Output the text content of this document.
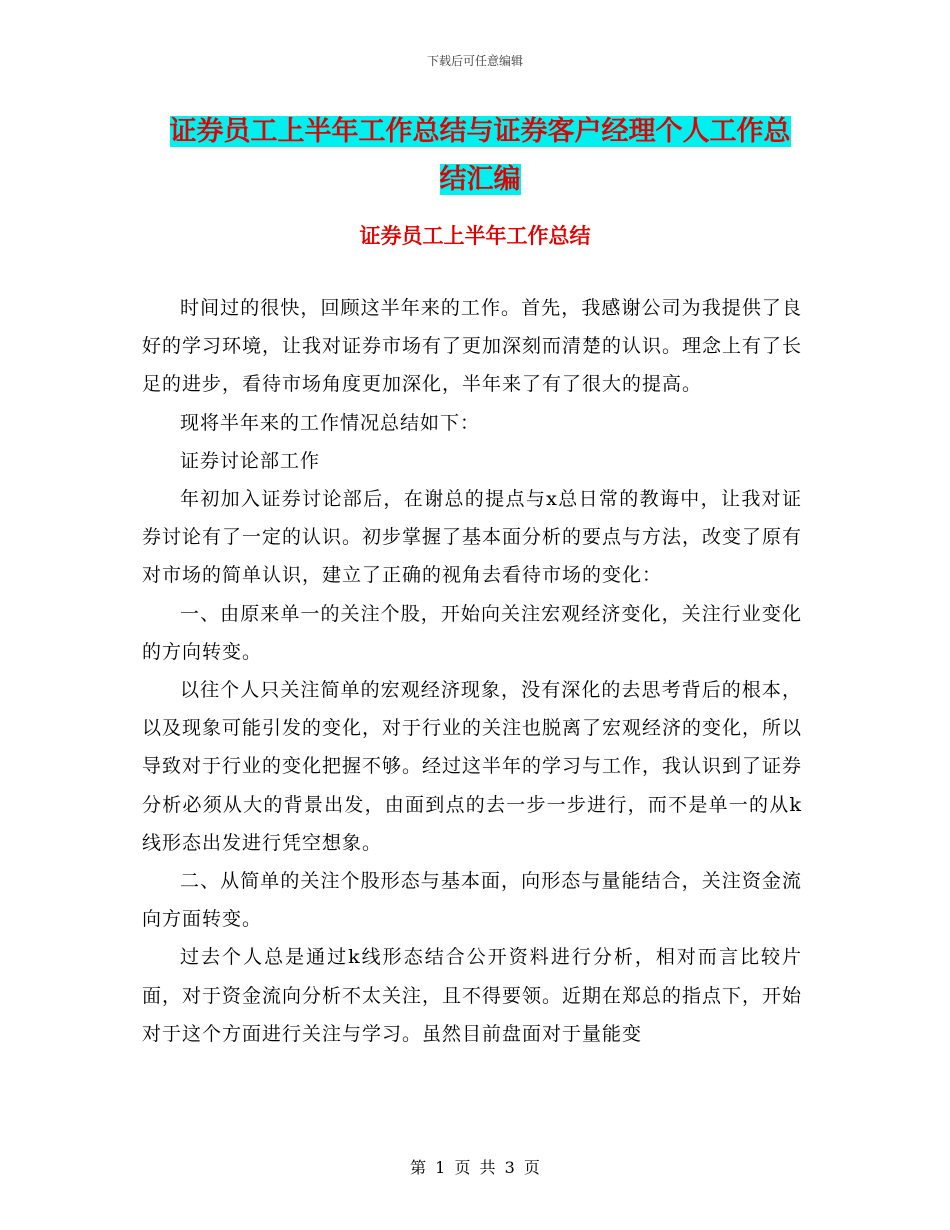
下载后可任意编辑
证券员工上半年工作总结与证券客户经理个人工作总
结汇编
证券员工上半年工作总结

时间过的很快，回顾这半年来的工作。首先，我感谢公司为我提供了良好的学习环境，让我对证券市场有了更加深刻而清楚的认识。理念上有了长足的进步，看待市场角度更加深化，半年来了有了很大的提高。

现将半年来的工作情况总结如下：

证券讨论部工作

年初加入证券讨论部后，在谢总的提点与x总日常的教诲中，让我对证券讨论有了一定的认识。初步掌握了基本面分析的要点与方法，改变了原有对市场的简单认识，建立了正确的视角去看待市场的变化：

一、由原来单一的关注个股，开始向关注宏观经济变化，关注行业变化的方向转变。

以往个人只关注简单的宏观经济现象，没有深化的去思考背后的根本，以及现象可能引发的变化，对于行业的关注也脱离了宏观经济的变化，所以导致对于行业的变化把握不够。经过这半年的学习与工作，我认识到了证券分析必须从大的背景出发，由面到点的去一步一步进行，而不是单一的从k线形态出发进行凭空想象。

二、从简单的关注个股形态与基本面，向形态与量能结合，关注资金流向方面转变。

过去个人总是通过k线形态结合公开资料进行分析，相对而言比较片面，对于资金流向分析不太关注，且不得要领。近期在郑总的指点下，开始对于这个方面进行关注与学习。虽然目前盘面对于量能变

第 1 页 共 3 页
